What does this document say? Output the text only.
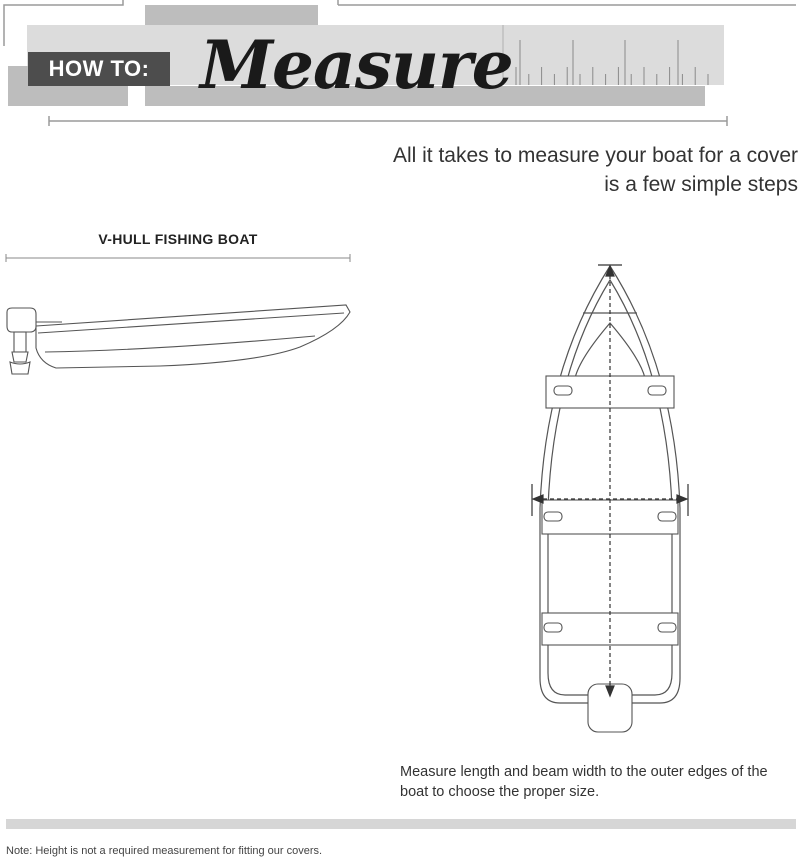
HOW TO: Measure
All it takes to measure your boat for a cover is a few simple steps
V-HULL FISHING BOAT
Measure length and beam width to the outer edges of the boat to choose the proper size.
Note: Height is not a required measurement for fitting our covers.
